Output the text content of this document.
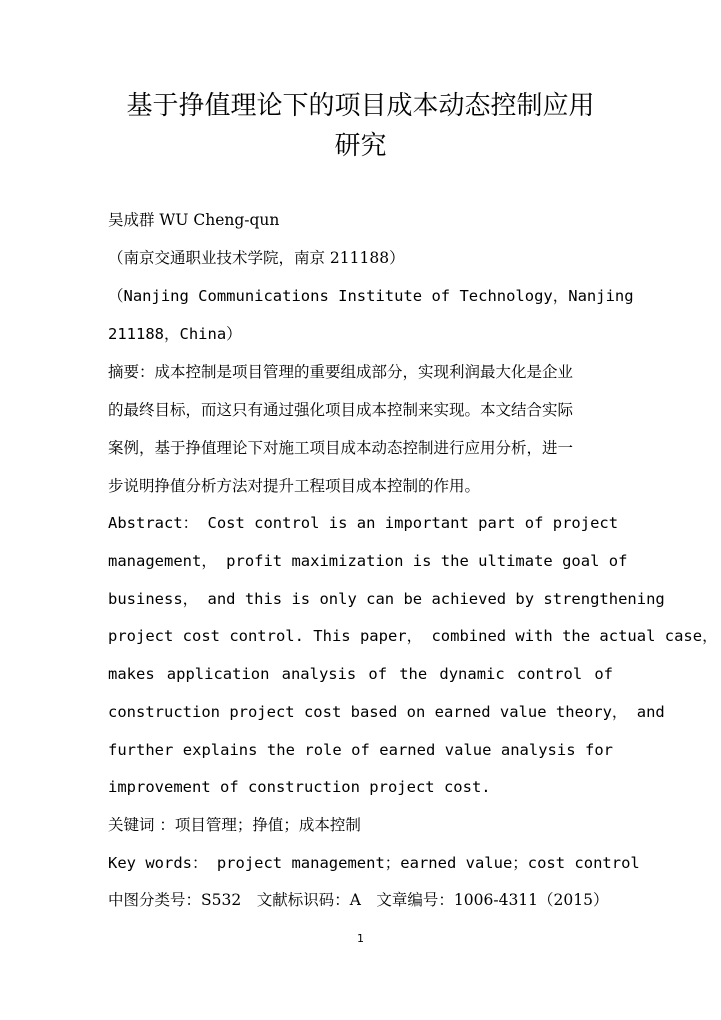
基于挣值理论下的项目成本动态控制应用
研究
吴成群 WU Cheng-qun
（南京交通职业技术学院，南京 211188）
（Nanjing Communications Institute of Technology，Nanjing
211188，China）
摘要：成本控制是项目管理的重要组成部分，实现利润最大化是企业
的最终目标，而这只有通过强化项目成本控制来实现。本文结合实际
案例，基于挣值理论下对施工项目成本动态控制进行应用分析，进一
步说明挣值分析方法对提升工程项目成本控制的作用。
Abstract： Cost control is an important part of project
management， profit maximization is the ultimate goal of
business， and this is only can be achieved by strengthening
project cost control. This paper， combined with the actual case，
makes application analysis of the dynamic control of
construction project cost based on earned value theory， and
further explains the role of earned value analysis for
improvement of construction project cost.
关键词 ：项目管理；挣值；成本控制
Key words： project management；earned value；cost control
中图分类号：S532　文献标识码：A　文章编号：1006-4311（2015）
1
